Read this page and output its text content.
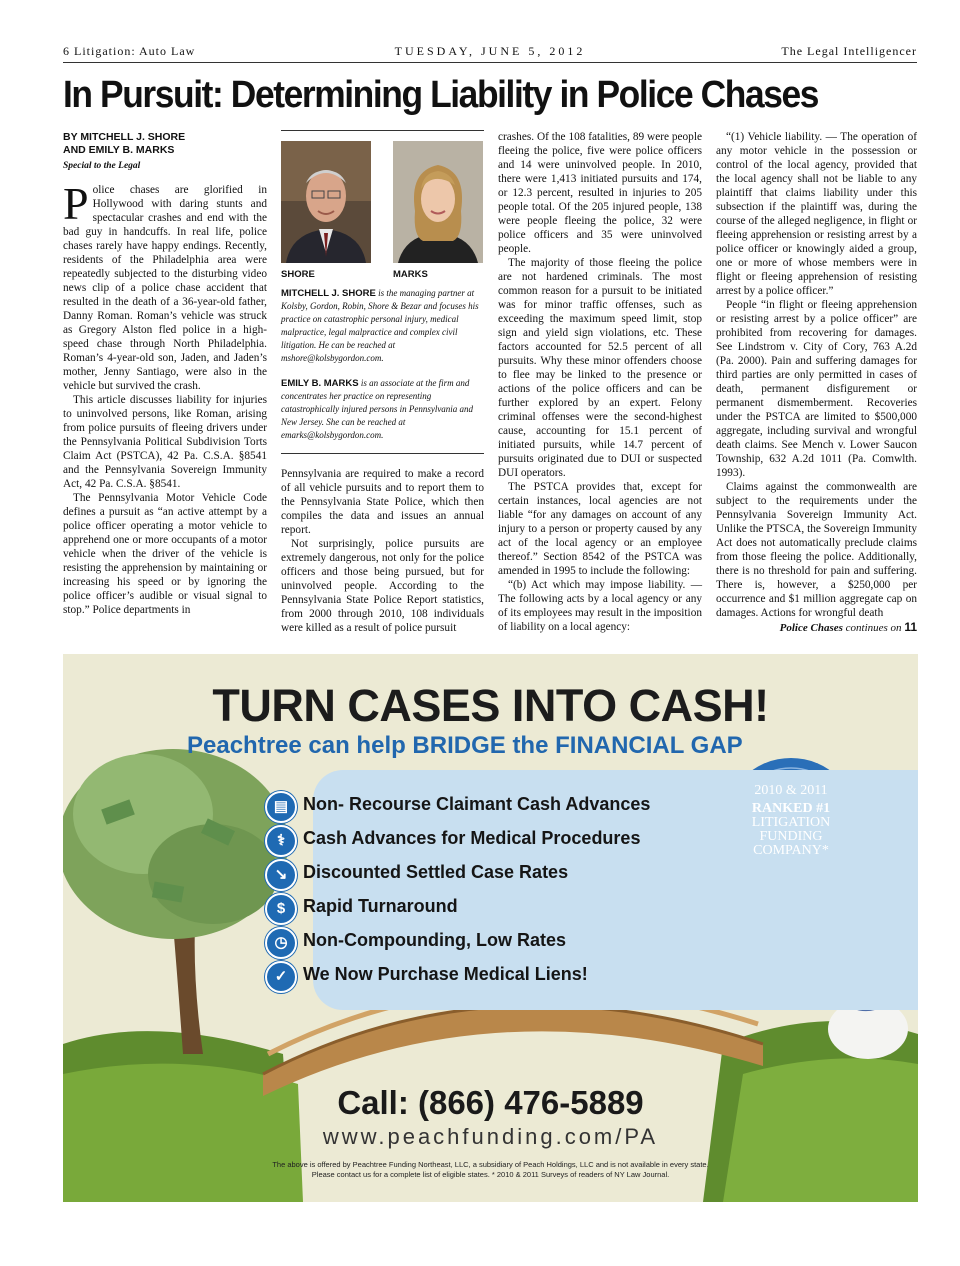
6 Litigation: Auto Law	TUESDAY, JUNE 5, 2012	The Legal Intelligencer
In Pursuit: Determining Liability in Police Chases
BY MITCHELL J. SHORE
AND EMILY B. MARKS
Special to the Legal

Police chases are glorified in Hollywood with daring stunts and spectacular crashes and end with the bad guy in handcuffs. In real life, police chases rarely have happy endings. Recently, residents of the Philadelphia area were repeatedly subjected to the disturbing video news clip of a police chase accident that resulted in the death of a 36-year-old father, Danny Roman. Roman’s vehicle was struck as Gregory Alston fled police in a high-speed chase through North Philadelphia. Roman’s 4-year-old son, Jaden, and Jaden’s mother, Jenny Santiago, were also in the vehicle but survived the crash.

This article discusses liability for injuries to uninvolved persons, like Roman, arising from police pursuits of fleeing drivers under the Pennsylvania Political Subdivision Torts Claim Act (PSTCA), 42 Pa. C.S.A. §8541 and the Pennsylvania Sovereign Immunity Act, 42 Pa. C.S.A. §8541.

The Pennsylvania Motor Vehicle Code defines a pursuit as “an active attempt by a police officer operating a motor vehicle to apprehend one or more occupants of a motor vehicle when the driver of the vehicle is resisting the apprehension by maintaining or increasing his speed or by ignoring the police officer’s audible or visual signal to stop.” Police departments in

SHORE	MARKS
MITCHELL J. SHORE is the managing partner at Kolsby, Gordon, Robin, Shore & Bezar and focuses his practice on catastrophic personal injury, medical malpractice, legal malpractice and complex civil litigation. He can be reached at mshore@kolsbygordon.com.
EMILY B. MARKS is an associate at the firm and concentrates her practice on representing catastrophically injured persons in Pennsylvania and New Jersey. She can be reached at emarks@kolsbygordon.com.

Pennsylvania are required to make a record of all vehicle pursuits and to report them to the Pennsylvania State Police, which then compiles the data and issues an annual report.

Not surprisingly, police pursuits are extremely dangerous, not only for the police officers and those being pursued, but for uninvolved people. According to the Pennsylvania State Police Report statistics, from 2000 through 2010, 108 individuals were killed as a result of police pursuit

crashes. Of the 108 fatalities, 89 were people fleeing the police, five were police officers and 14 were uninvolved people. In 2010, there were 1,413 initiated pursuits and 174, or 12.3 percent, resulted in injuries to 205 people total. Of the 205 injured people, 138 were people fleeing the police, 32 were police officers and 35 were uninvolved people.

The majority of those fleeing the police are not hardened criminals. The most common reason for a pursuit to be initiated was for minor traffic offenses, such as exceeding the maximum speed limit, stop sign and yield sign violations, etc. These factors accounted for 52.5 percent of all pursuits. Why these minor offenders choose to flee may be linked to the presence or actions of the police officers and can be further explored by an expert. Felony criminal offenses were the second-highest cause, accounting for 15.1 percent of initiated pursuits, while 14.7 percent of pursuits originated due to DUI or suspected DUI operators.

The PSTCA provides that, except for certain instances, local agencies are not liable “for any damages on account of any injury to a person or property caused by any act of the local agency or an employee thereof.” Section 8542 of the PSTCA was amended in 1995 to include the following:

“(b) Act which may impose liability. — The following acts by a local agency or any of its employees may result in the imposition of liability on a local agency:

“(1) Vehicle liability. — The operation of any motor vehicle in the possession or control of the local agency, provided that the local agency shall not be liable to any plaintiff that claims liability under this subsection if the plaintiff was, during the course of the alleged negligence, in flight or fleeing apprehension or resisting arrest by a police officer or knowingly aided a group, one or more of whose members were in flight or fleeing apprehension of resisting arrest by a police officer.”

People “in flight or fleeing apprehension or resisting arrest by a police officer” are prohibited from recovering for damages. See Lindstrom v. City of Cory, 763 A.2d (Pa. 2000). Pain and suffering damages for third parties are only permitted in cases of death, permanent disfigurement or permanent dismemberment. Recoveries under the PSTCA are limited to $500,000 aggregate, including survival and wrongful death claims. See Mench v. Lower Saucon Township, 632 A.2d 1011 (Pa. Comwlth. 1993).

Claims against the commonwealth are subject to the requirements under the Pennsylvania Sovereign Immunity Act. Unlike the PTSCA, the Sovereign Immunity Act does not automatically preclude claims from those fleeing the police. Additionally, there is no threshold for pain and suffering. There is, however, a $250,000 per occurrence and $1 million aggregate cap on damages. Actions for wrongful death

Police Chases continues on 11
TURN CASES INTO CASH!
Peachtree can help BRIDGE the FINANCIAL GAP
▤ Non- Recourse Claimant Cash Advances
⚕ Cash Advances for Medical Procedures
↘ Discounted Settled Case Rates
$ Rapid Turnaround
◷ Non-Compounding, Low Rates
✓ We Now Purchase Medical Liens!
2010 & 2011
RANKED #1
LITIGATION
FUNDING
COMPANY*
Call: (866) 476-5889
www.peachfunding.com/PA
The above is offered by Peachtree Funding Northeast, LLC, a subsidiary of Peach Holdings, LLC and is not available in every state.
Please contact us for a complete list of eligible states. * 2010 & 2011 Surveys of readers of NY Law Journal.
